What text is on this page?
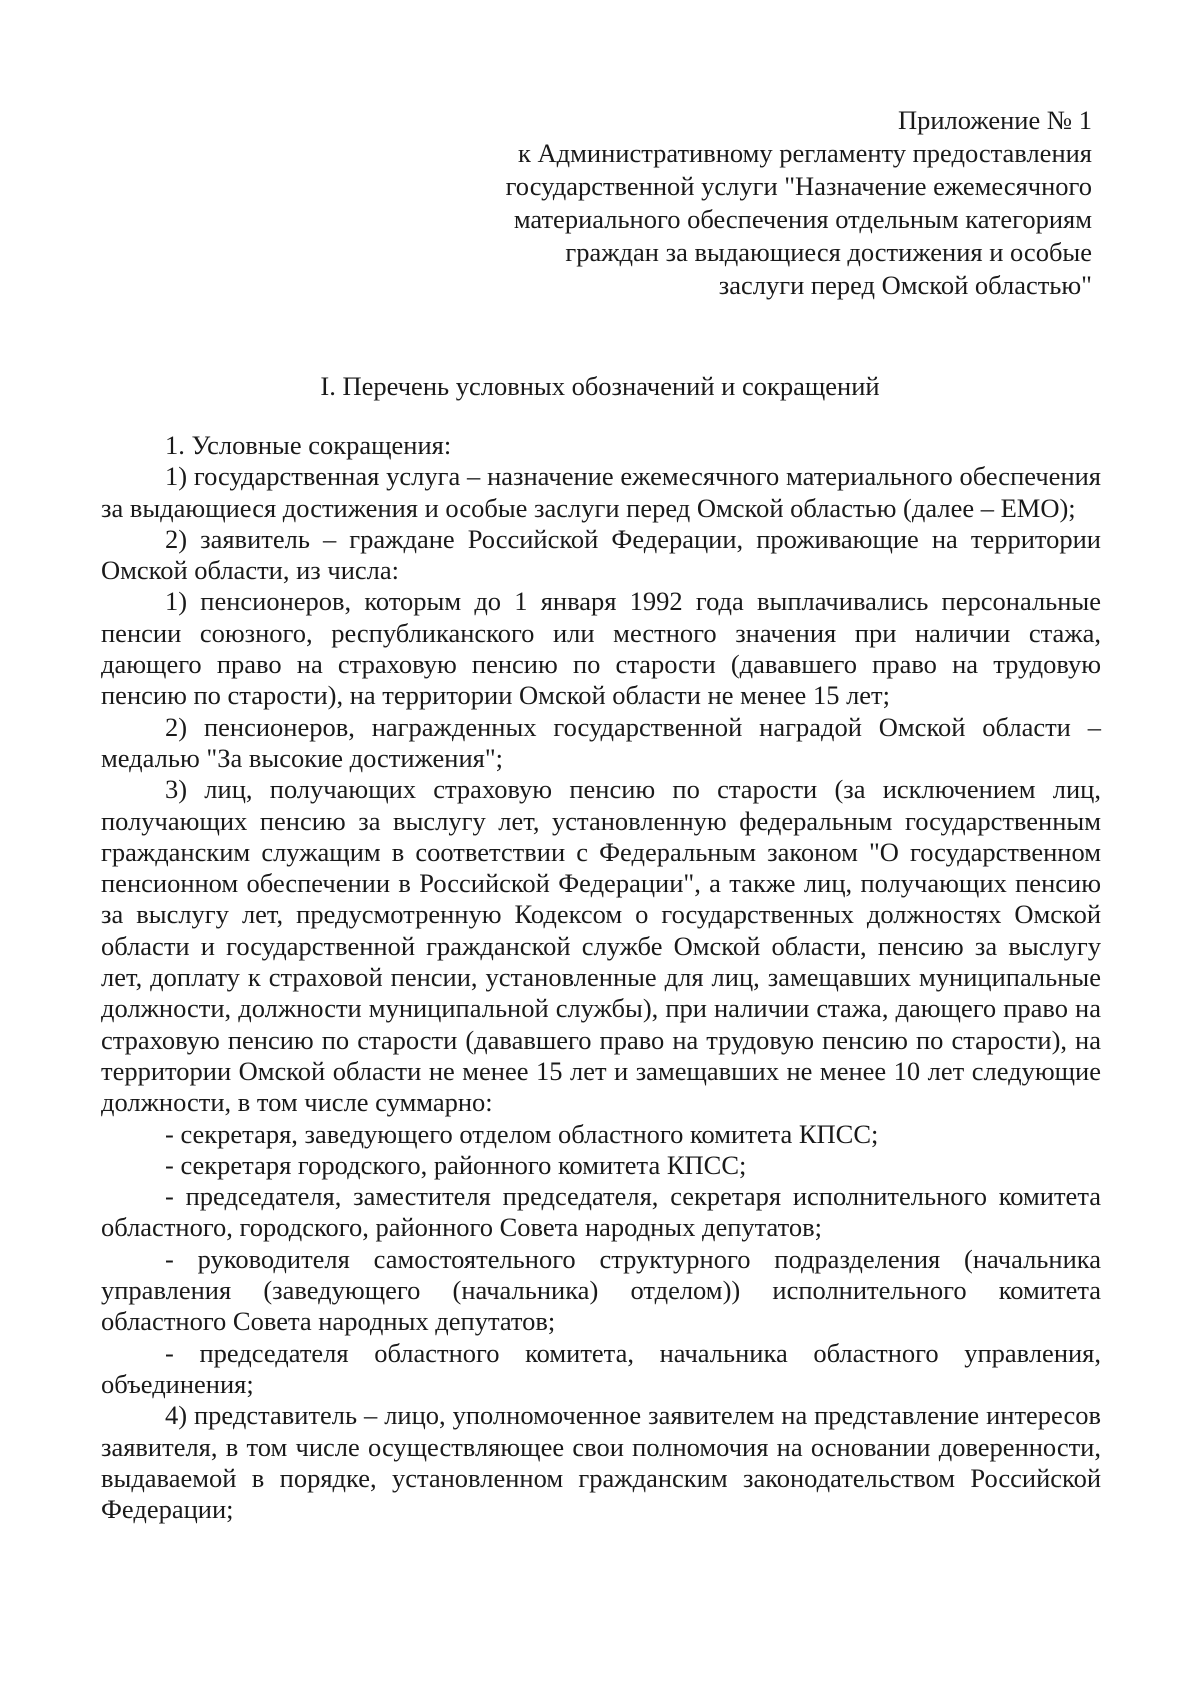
Приложение № 1
к Административному регламенту предоставления
государственной услуги "Назначение ежемесячного
материального обеспечения отдельным категориям
граждан за выдающиеся достижения и особые
заслуги перед Омской областью"
I. Перечень условных обозначений и сокращений

1. Условные сокращения:

1) государственная услуга – назначение ежемесячного материального обеспечения за выдающиеся достижения и особые заслуги перед Омской областью (далее – ЕМО);

2) заявитель – граждане Российской Федерации, проживающие на территории Омской области, из числа:

1) пенсионеров, которым до 1 января 1992 года выплачивались персональные пенсии союзного, республиканского или местного значения при наличии стажа, дающего право на страховую пенсию по старости (дававшего право на трудовую пенсию по старости), на территории Омской области не менее 15 лет;

2) пенсионеров, награжденных государственной наградой Омской области – медалью "За высокие достижения";

3) лиц, получающих страховую пенсию по старости (за исключением лиц, получающих пенсию за выслугу лет, установленную федеральным государственным гражданским служащим в соответствии с Федеральным законом "О государственном пенсионном обеспечении в Российской Федерации", а также лиц, получающих пенсию за выслугу лет, предусмотренную Кодексом о государственных должностях Омской области и государственной гражданской службе Омской области, пенсию за выслугу лет, доплату к страховой пенсии, установленные для лиц, замещавших муниципальные должности, должности муниципальной службы), при наличии стажа, дающего право на страховую пенсию по старости (дававшего право на трудовую пенсию по старости), на территории Омской области не менее 15 лет и замещавших не менее 10 лет следующие должности, в том числе суммарно:

- секретаря, заведующего отделом областного комитета КПСС;

- секретаря городского, районного комитета КПСС;

- председателя, заместителя председателя, секретаря исполнительного комитета областного, городского, районного Совета народных депутатов;

- руководителя самостоятельного структурного подразделения (начальника управления (заведующего (начальника) отделом)) исполнительного комитета областного Совета народных депутатов;

- председателя областного комитета, начальника областного управления, объединения;

4) представитель – лицо, уполномоченное заявителем на представление интересов заявителя, в том числе осуществляющее свои полномочия на основании доверенности, выдаваемой в порядке, установленном гражданским законодательством Российской Федерации;
